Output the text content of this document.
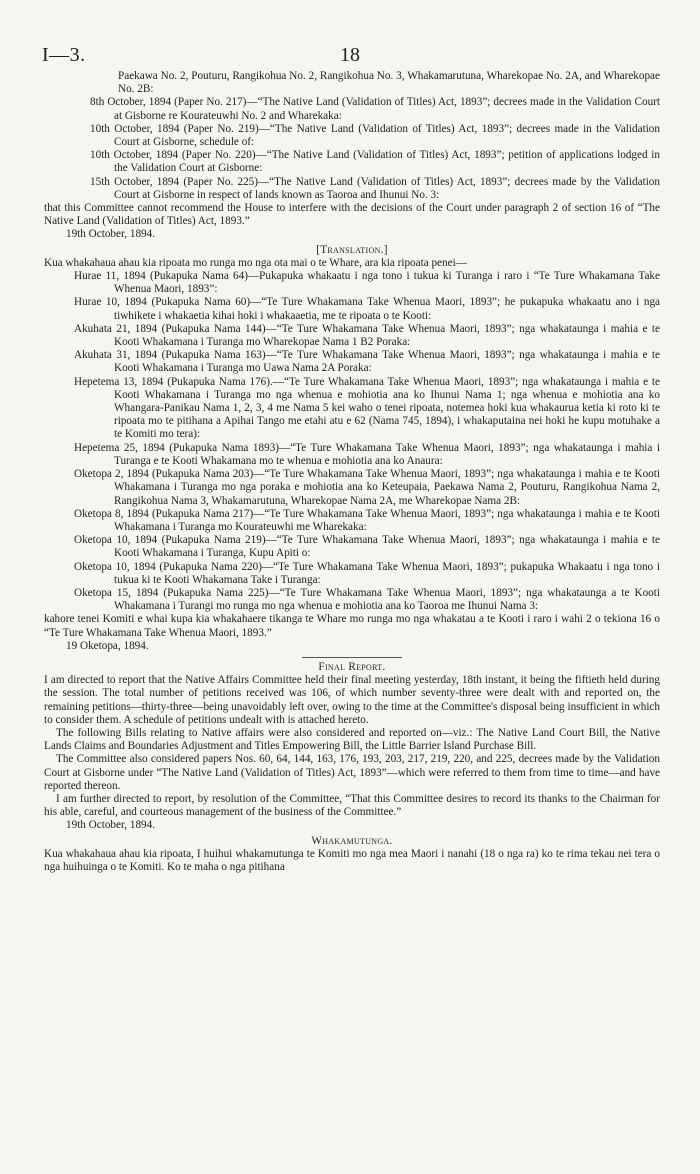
18
I—3.

Paekawa No. 2, Pouturu, Rangikohua No. 2, Rangikohua No. 3, Whakamarutuna, Wharekopae No. 2A, and Wharekopae No. 2B:

8th October, 1894 (Paper No. 217)—“The Native Land (Validation of Titles) Act, 1893”; decrees made in the Validation Court at Gisborne re Kourateuwhi No. 2 and Wharekaka:

10th October, 1894 (Paper No. 219)—“The Native Land (Validation of Titles) Act, 1893”; decrees made in the Validation Court at Gisborne, schedule of:

10th October, 1894 (Paper No. 220)—“The Native Land (Validation of Titles) Act, 1893”; petition of applications lodged in the Validation Court at Gisborne:

15th October, 1894 (Paper No. 225)—“The Native Land (Validation of Titles) Act, 1893”; decrees made by the Validation Court at Gisborne in respect of lands known as Taoroa and Ihunui No. 3:

that this Committee cannot recommend the House to interfere with the decisions of the Court under paragraph 2 of section 16 of “The Native Land (Validation of Titles) Act, 1893.”

19th October, 1894.

[Translation.]

Kua whakahaua ahau kia ripoata mo runga mo nga ota mai o te Whare, ara kia ripoata penei—

Hurae 11, 1894 (Pukapuka Nama 64)—Pukapuka whakaatu i nga tono i tukua ki Turanga i raro i “Te Ture Whakamana Take Whenua Maori, 1893”:

Hurae 10, 1894 (Pukapuka Nama 60)—“Te Ture Whakamana Take Whenua Maori, 1893”; he pukapuka whakaatu ano i nga tiwhikete i whakaetia kihai hoki i whakaaetia, me te ripoata o te Kooti:

Akuhata 21, 1894 (Pukapuka Nama 144)—“Te Ture Whakamana Take Whenua Maori, 1893”; nga whakataunga i mahia e te Kooti Whakamana i Turanga mo Wharekopae Nama 1 B2 Poraka:

Akuhata 31, 1894 (Pukapuka Nama 163)—“Te Ture Whakamana Take Whenua Maori, 1893”; nga whakataunga i mahia e te Kooti Whakamana i Turanga mo Uawa Nama 2A Poraka:

Hepetema 13, 1894 (Pukapuka Nama 176).—“Te Ture Whakamana Take Whenua Maori, 1893”; nga whakataunga i mahia e te Kooti Whakamana i Turanga mo nga whenua e mohiotia ana ko Ihunui Nama 1; nga whenua e mohiotia ana ko Whangara-Panikau Nama 1, 2, 3, 4 me Nama 5 kei waho o tenei ripoata, notemea hoki kua whakaurua ketia ki roto ki te ripoata mo te pitihana a Apihai Tango me etahi atu e 62 (Nama 745, 1894), i whakaputaina nei hoki he kupu motuhake a te Komiti mo tera):

Hepetema 25, 1894 (Pukapuka Nama 1893)—“Te Ture Whakamana Take Whenua Maori, 1893”; nga whakataunga i mahia i Turanga e te Kooti Whakamana mo te whenua e mohiotia ana ko Anaura:

Oketopa 2, 1894 (Pukapuka Nama 203)—“Te Ture Whakamana Take Whenua Maori, 1893”; nga whakataunga i mahia e te Kooti Whakamana i Turanga mo nga poraka e mohiotia ana ko Keteupaia, Paekawa Nama 2, Pouturu, Rangikohua Nama 2, Rangikohua Nama 3, Whakamarutuna, Wharekopae Nama 2A, me Wharekopae Nama 2B:

Oketopa 8, 1894 (Pukapuka Nama 217)—“Te Ture Whakamana Take Whenua Maori, 1893”; nga whakataunga i mahia e te Kooti Whakamana i Turanga mo Kourateuwhi me Wharekaka:

Oketopa 10, 1894 (Pukapuka Nama 219)—“Te Ture Whakamana Take Whenua Maori, 1893”; nga whakataunga i mahia e te Kooti Whakamana i Turanga, Kupu Apiti o:

Oketopa 10, 1894 (Pukapuka Nama 220)—“Te Ture Whakamana Take Whenua Maori, 1893”; pukapuka Whakaatu i nga tono i tukua ki te Kooti Whakamana Take i Turanga:

Oketopa 15, 1894 (Pukapuka Nama 225)—“Te Ture Whakamana Take Whenua Maori, 1893”; nga whakataunga a te Kooti Whakamana i Turangi mo runga mo nga whenua e mohiotia ana ko Taoroa me Ihunui Nama 3:

kahore tenei Komiti e whai kupa kia whakahaere tikanga te Whare mo runga mo nga whakatau a te Kooti i raro i wahi 2 o tekiona 16 o “Te Ture Whakamana Take Whenua Maori, 1893.”

19 Oketopa, 1894.

Final Report.

I am directed to report that the Native Affairs Committee held their final meeting yesterday, 18th instant, it being the fiftieth held during the session. The total number of petitions received was 106, of which number seventy-three were dealt with and reported on, the remaining petitions—thirty-three—being unavoidably left over, owing to the time at the Committee's disposal being insufficient in which to consider them. A schedule of petitions undealt with is attached hereto.

The following Bills relating to Native affairs were also considered and reported on—viz.: The Native Land Court Bill, the Native Lands Claims and Boundaries Adjustment and Titles Empowering Bill, the Little Barrier Island Purchase Bill.

The Committee also considered papers Nos. 60, 64, 144, 163, 176, 193, 203, 217, 219, 220, and 225, decrees made by the Validation Court at Gisborne under “The Native Land (Validation of Titles) Act, 1893”—which were referred to them from time to time—and have reported thereon.

I am further directed to report, by resolution of the Committee, “That this Committee desires to record its thanks to the Chairman for his able, careful, and courteous management of the business of the Committee.”

19th October, 1894.

Whakamutunga.

Kua whakahaua ahau kia ripoata, I huihui whakamutunga te Komiti mo nga mea Maori i nanahi (18 o nga ra) ko te rima tekau nei tera o nga huihuinga o te Komiti. Ko te maha o nga pitihana
